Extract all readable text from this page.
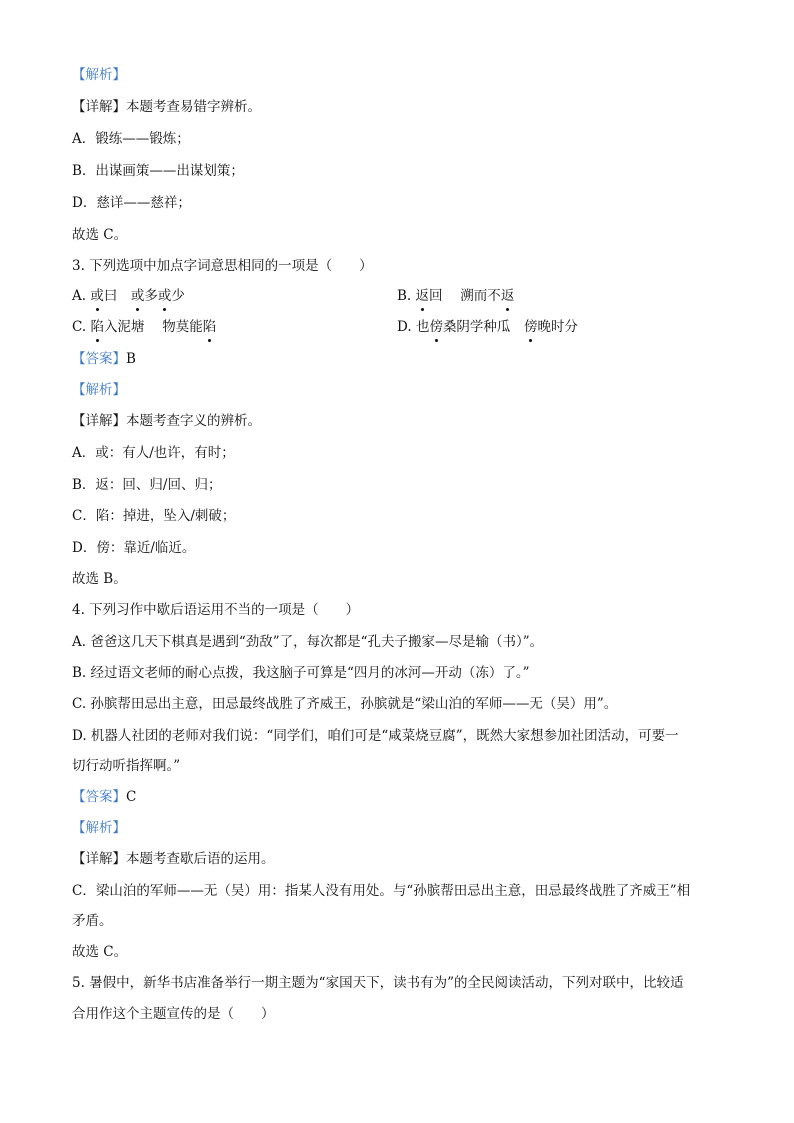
【解析】
【详解】本题考查易错字辨析。
A．锻练——锻炼；
B．出谋画策——出谋划策；
D．慈详——慈祥；
故选 C。
3. 下列选项中加点字词意思相同的一项是（　　）
A. 或曰　 或多或少	B. 返回　 溯而不返
C. 陷入泥塘　 物莫能陷	D. 也傍桑阴学种瓜　 傍晚时分
【答案】B
【解析】
【详解】本题考查字义的辨析。
A．或：有人/也许，有时；
B．返：回、归/回、归；
C．陷：掉进，坠入/刺破；
D．傍：靠近/临近。
故选 B。
4. 下列习作中歇后语运用不当的一项是（　　）
A. 爸爸这几天下棋真是遇到“劲敌”了，每次都是“孔夫子搬家—尽是输（书）”。
B. 经过语文老师的耐心点拨，我这脑子可算是“四月的冰河—开动（冻）了。”
C. 孙膑帮田忌出主意，田忌最终战胜了齐威王，孙膑就是“梁山泊的军师——无（吴）用”。
D. 机器人社团的老师对我们说：“同学们，咱们可是“咸菜烧豆腐”，既然大家想参加社团活动，可要一
切行动听指挥啊。”
【答案】C
【解析】
【详解】本题考查歇后语的运用。
C．梁山泊的军师——无（吴）用：指某人没有用处。与“孙膑帮田忌出主意，田忌最终战胜了齐威王”相
矛盾。
故选 C。
5. 暑假中，新华书店准备举行一期主题为“家国天下，读书有为”的全民阅读活动，下列对联中，比较适
合用作这个主题宣传的是（　　）
